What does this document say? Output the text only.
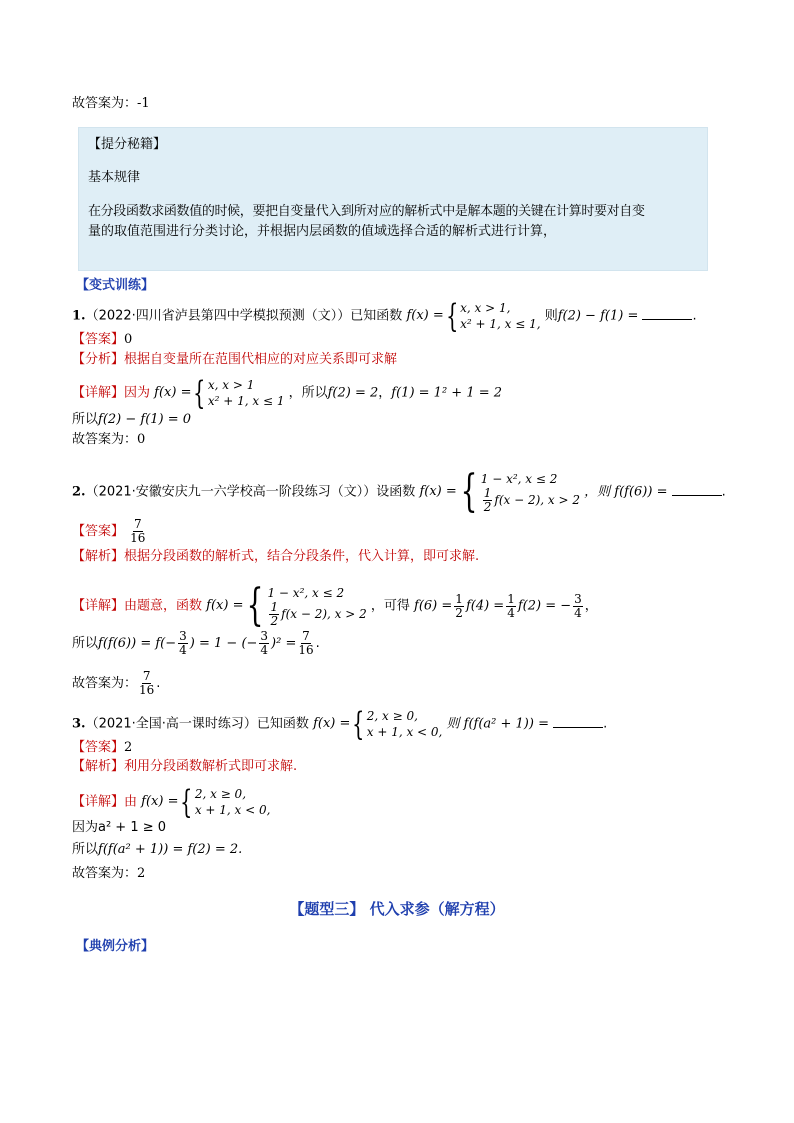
故答案为：-1
【提分秘籍】
基本规律
在分段函数求函数值的时候，要把自变量代入到所对应的解析式中是解本题的关键在计算时要对自变
量的取值范围进行分类讨论，并根据内层函数的值域选择合适的解析式进行计算，
【变式训练】
1.（2022·四川省泸县第四中学模拟预测（文））已知函数 f(x) = { x, x > 1,
x² + 1, x ≤ 1,
则f(2) − f(1) =	.
【答案】0
【分析】根据自变量所在范围代相应的对应关系即可求解
【详解】因为 f(x) = { x, x > 1
x² + 1, x ≤ 1
，所以f(2) = 2，f(1) = 1² + 1 = 2
所以f(2) − f(1) = 0
故答案为：0
2.（2021·安徽安庆九一六学校高一阶段练习（文））设函数 f(x) = { 1 − x², x ≤ 2
$\frac{1}{2} f(x - 2)$, x > 2 ，则 f(f(6)) =	.
【答案】 $\frac{7}{16}$
【解析】根据分段函数的解析式，结合分段条件，代入计算，即可求解.
【详解】由题意，函数 f(x) = { 1 − x², x ≤ 2
$\frac{1}{2} f(x - 2)$, x > 2 ，可得 $f(6) = \frac{1}{2} f(4) = \frac{1}{4} f(2)$ = − $\frac{3}{4}$ ，
所以$f(f(6)) = f(- \frac{3}{4}$ ) = 1 − (− $\frac{3}{4} )^2 = \frac{7}{16}$ .
故答案为： $\frac{7}{16}$ .
3.（2021·全国·高一课时练习）已知函数 f(x) = { 2, x ≥ 0,
x + 1, x < 0,
则 f(f(a² + 1)) =	.
【答案】2
【解析】利用分段函数解析式即可求解.
【详解】由 f(x) = { 2, x ≥ 0,
x + 1, x < 0,
因为a² + 1 ≥ 0
所以f(f(a² + 1)) = f(2) = 2.
故答案为：2
【题型三】 代入求参（解方程）
【典例分析】
